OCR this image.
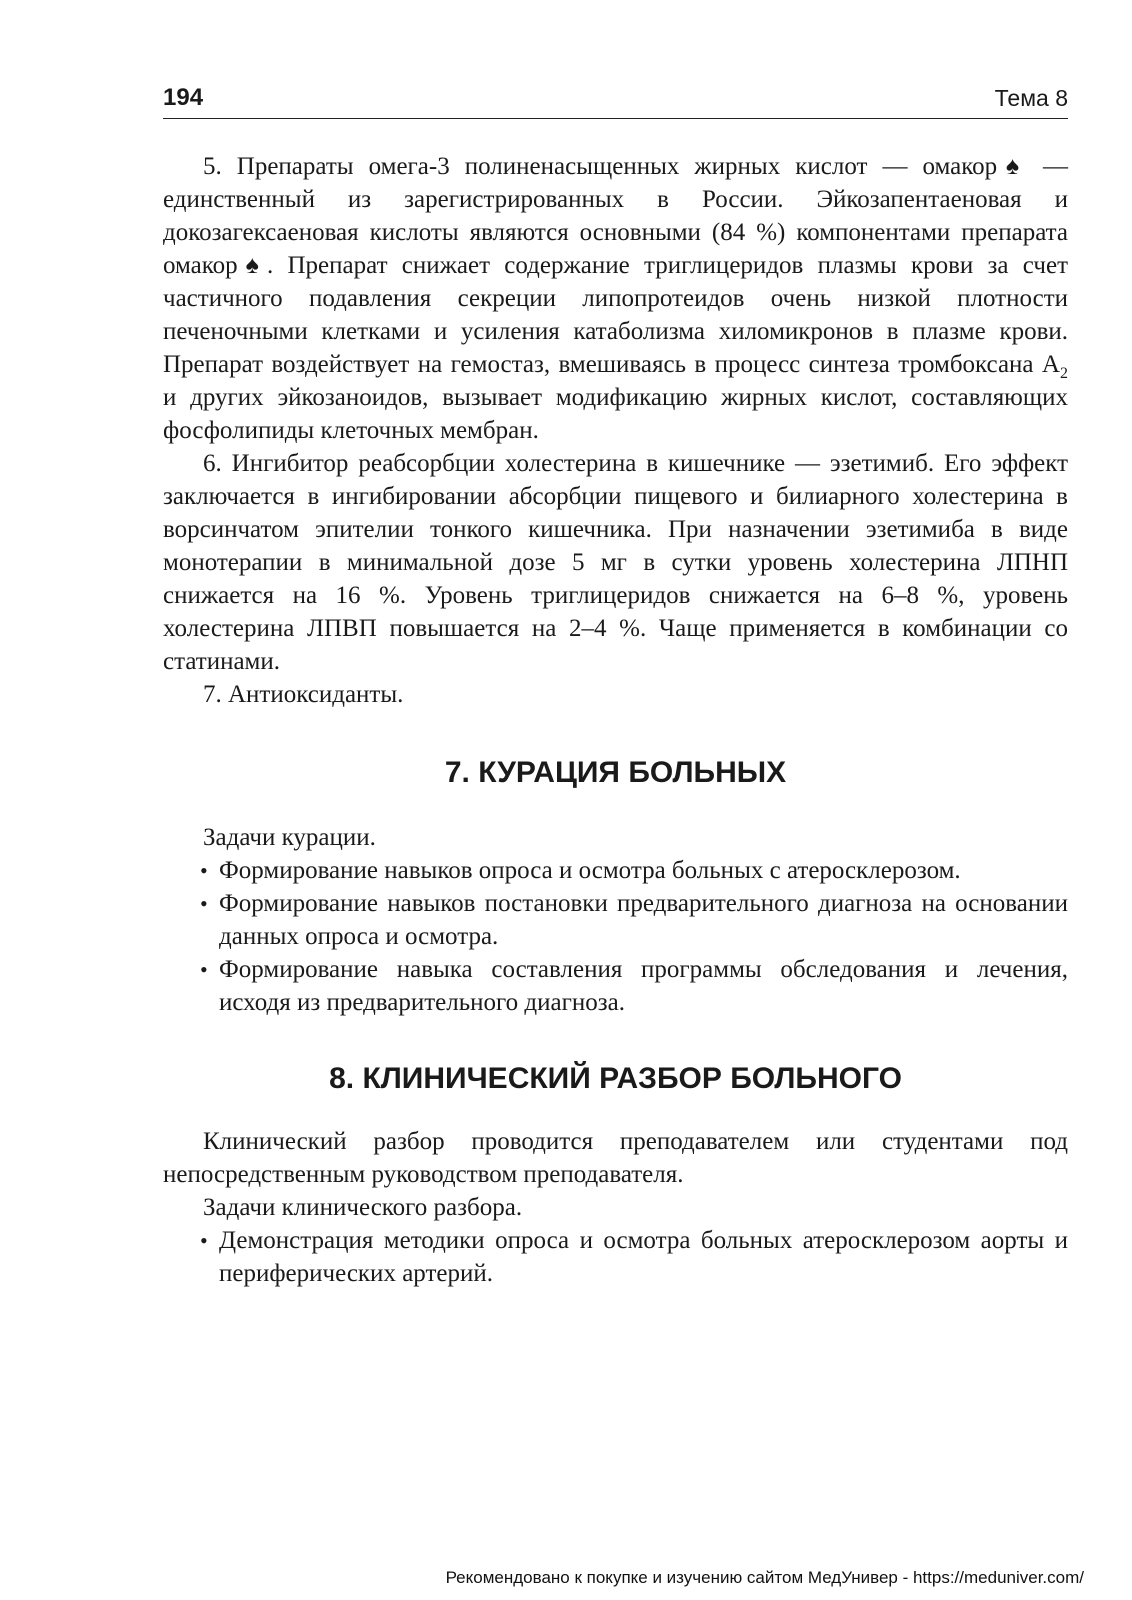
194	Тема 8

5. Препараты омега-3 полиненасыщенных жирных кислот — омакор♠ — единственный из зарегистрированных в России. Эйкозапентаеновая и докозагексаеновая кислоты являются основными (84 %) компонентами препарата омакор♠. Препарат снижает содержание триглицеридов плазмы крови за счет частичного подавления секреции липопротеидов очень низкой плотности печеночными клетками и усиления катаболизма хиломикронов в плазме крови. Препарат воздействует на гемостаз, вмешиваясь в процесс синтеза тромбоксана $A_2$ и других эйкозаноидов, вызывает модификацию жирных кислот, составляющих фосфолипиды клеточных мембран.

6. Ингибитор реабсорбции холестерина в кишечнике — эзетимиб. Его эффект заключается в ингибировании абсорбции пищевого и билиарного холестерина в ворсинчатом эпителии тонкого кишечника. При назначении эзетимиба в виде монотерапии в минимальной дозе 5 мг в сутки уровень холестерина ЛПНП снижается на 16 %. Уровень триглицеридов снижается на 6–8 %, уровень холестерина ЛПВП повышается на 2–4 %. Чаще применяется в комбинации со статинами.

7. Антиоксиданты.

7. КУРАЦИЯ БОЛЬНЫХ

Задачи курации.

• Формирование навыков опроса и осмотра больных с атеросклерозом.
• Формирование навыков постановки предварительного диагноза на основании данных опроса и осмотра.
• Формирование навыка составления программы обследования и лечения, исходя из предварительного диагноза.
8. КЛИНИЧЕСКИЙ РАЗБОР БОЛЬНОГО

Клинический разбор проводится преподавателем или студентами под непосредственным руководством преподавателя.

Задачи клинического разбора.

• Демонстрация методики опроса и осмотра больных атеросклерозом аорты и периферических артерий.
Рекомендовано к покупке и изучению сайтом МедУнивер - https://meduniver.com/
